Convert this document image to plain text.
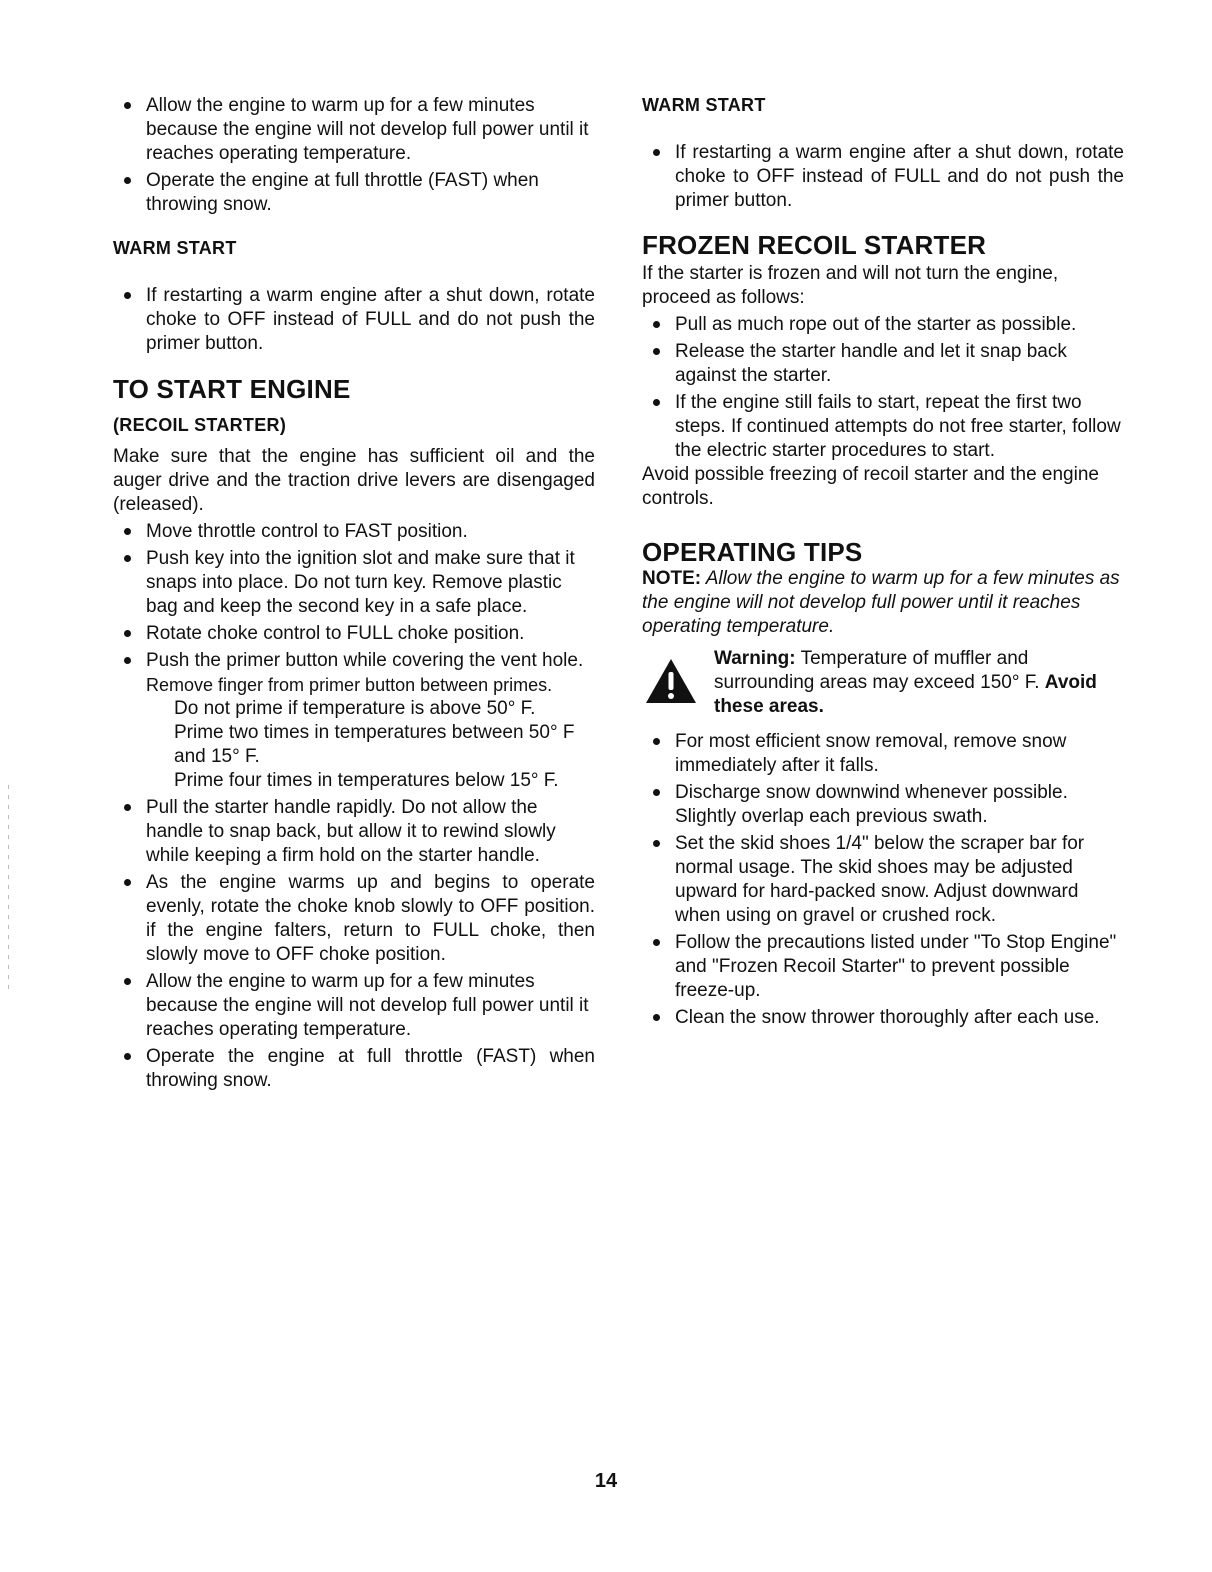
Allow the engine to warm up for a few minutes because the engine will not develop full power until it reaches operating temperature.
Operate the engine at full throttle (FAST) when throwing snow.

WARM START

If restarting a warm engine after a shut down, rotate choke to OFF instead of FULL and do not push the primer button.

TO START ENGINE

(RECOIL STARTER)

Make sure that the engine has sufficient oil and the auger drive and the traction drive levers are disengaged (released).

Move throttle control to FAST position.
Push key into the ignition slot and make sure that it snaps into place. Do not turn key. Remove plastic bag and keep the second key in a safe place.
Rotate choke control to FULL choke position.
Push the primer button while covering the vent hole.
Remove finger from primer button between primes.
Do not prime if temperature is above 50° F.
Prime two times in temperatures between 50° F and 15° F.
Prime four times in temperatures below 15° F.
Pull the starter handle rapidly. Do not allow the handle to snap back, but allow it to rewind slowly while keeping a firm hold on the starter handle.
As the engine warms up and begins to operate evenly, rotate the choke knob slowly to OFF position. if the engine falters, return to FULL choke, then slowly move to OFF choke position.
Allow the engine to warm up for a few minutes because the engine will not develop full power until it reaches operating temperature.
Operate the engine at full throttle (FAST) when throwing snow.

WARM START

If restarting a warm engine after a shut down, rotate choke to OFF instead of FULL and do not push the primer button.

FROZEN RECOIL STARTER

If the starter is frozen and will not turn the engine, proceed as follows:

Pull as much rope out of the starter as possible.
Release the starter handle and let it snap back against the starter.
If the engine still fails to start, repeat the first two steps. If continued attempts do not free starter, follow the electric starter procedures to start.

Avoid possible freezing of recoil starter and the engine controls.

OPERATING TIPS

NOTE: Allow the engine to warm up for a few minutes as the engine will not develop full power until it reaches operating temperature.

Warning: Temperature of muffler and surrounding areas may exceed 150° F. Avoid these areas.
For most efficient snow removal, remove snow immediately after it falls.
Discharge snow downwind whenever possible. Slightly overlap each previous swath.
Set the skid shoes 1/4" below the scraper bar for normal usage. The skid shoes may be adjusted upward for hard-packed snow. Adjust downward when using on gravel or crushed rock.
Follow the precautions listed under "To Stop Engine" and "Frozen Recoil Starter" to prevent possible freeze-up.
Clean the snow thrower thoroughly after each use.
14
